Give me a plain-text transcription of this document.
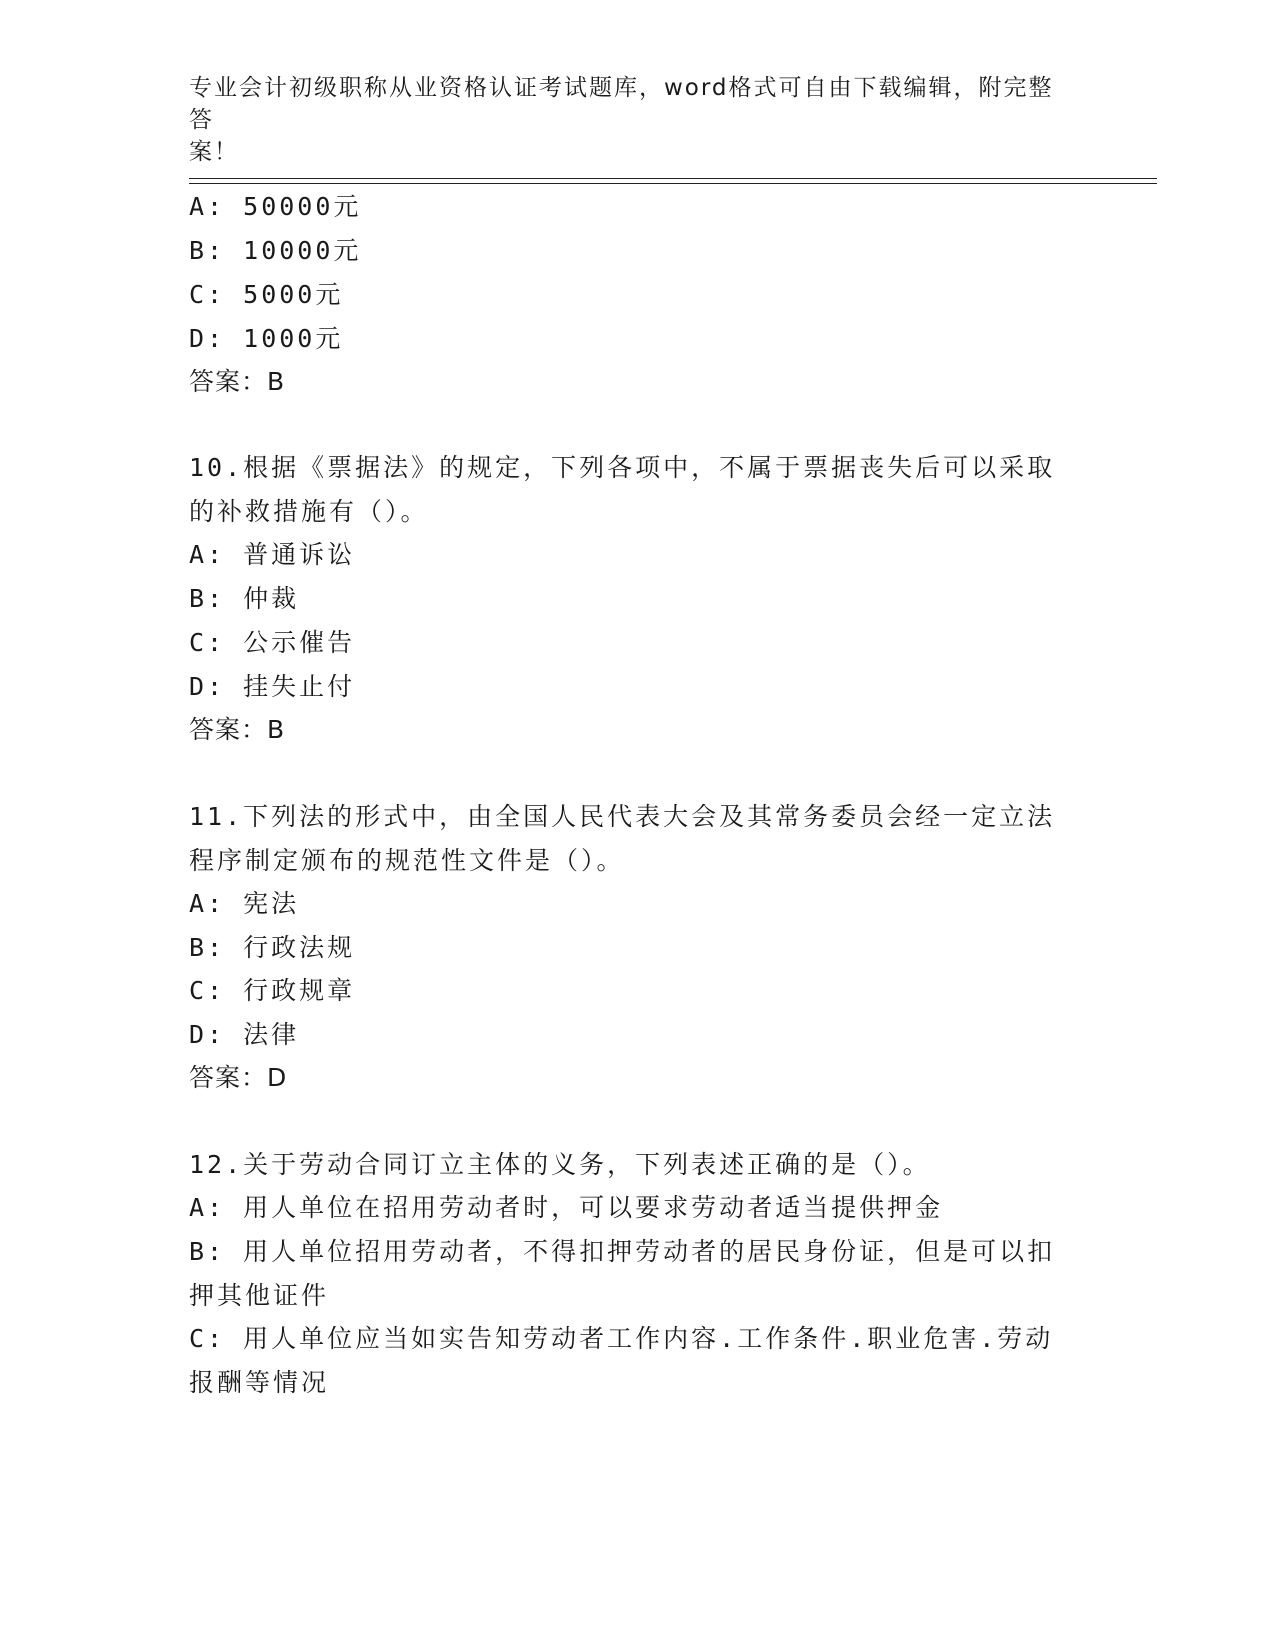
专业会计初级职称从业资格认证考试题库，word格式可自由下载编辑，附完整答
案！
A: 50000元
B: 10000元
C: 5000元
D: 1000元
答案：B
10.根据《票据法》的规定，下列各项中，不属于票据丧失后可以采取
的补救措施有（）。
A: 普通诉讼
B: 仲裁
C: 公示催告
D: 挂失止付
答案：B
11.下列法的形式中，由全国人民代表大会及其常务委员会经一定立法
程序制定颁布的规范性文件是（）。
A: 宪法
B: 行政法规
C: 行政规章
D: 法律
答案：D
12.关于劳动合同订立主体的义务，下列表述正确的是（）。
A: 用人单位在招用劳动者时，可以要求劳动者适当提供押金
B: 用人单位招用劳动者，不得扣押劳动者的居民身份证，但是可以扣
押其他证件
C: 用人单位应当如实告知劳动者工作内容.工作条件.职业危害.劳动
报酬等情况
